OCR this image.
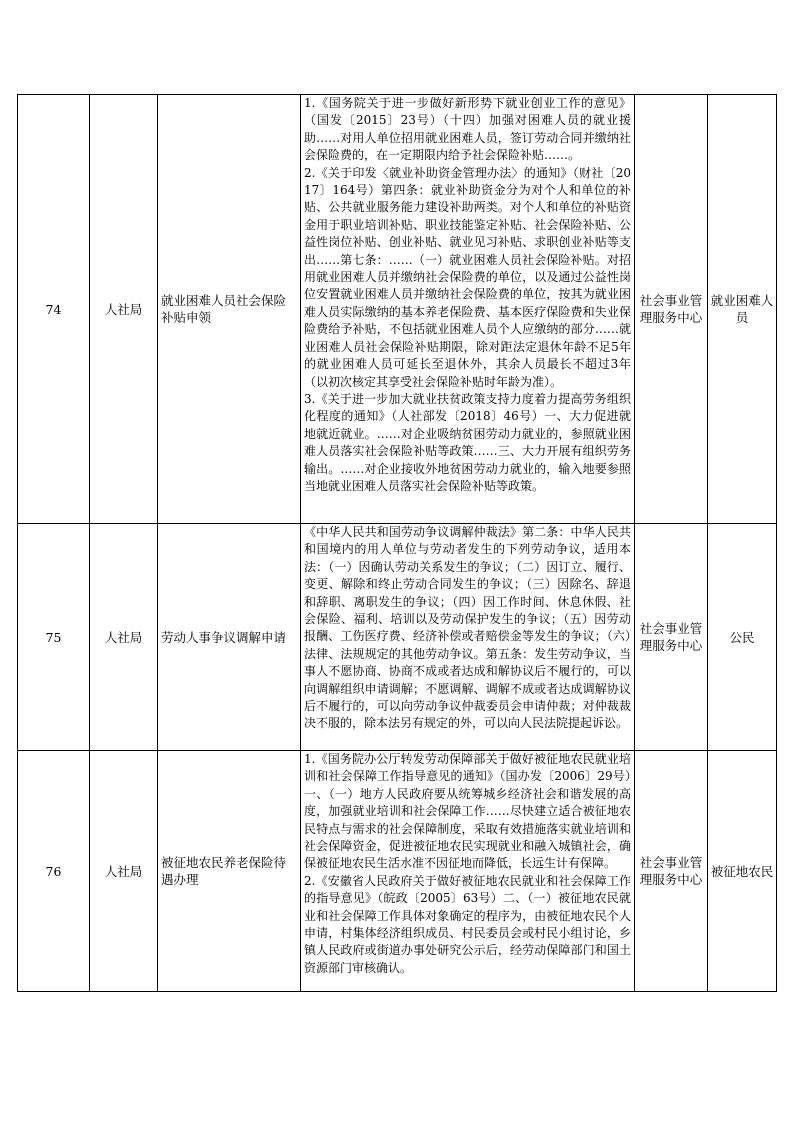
74	人社局	就业困难人员社会保险补贴申领	1.《国务院关于进一步做好新形势下就业创业工作的意见》（国发〔2015〕23号）（十四）加强对困难人员的就业援助……对用人单位招用就业困难人员，签订劳动合同并缴纳社会保险费的，在一定期限内给予社会保险补贴……。

2.《关于印发〈就业补助资金管理办法〉的通知》（财社〔2017〕164号）第四条：就业补助资金分为对个人和单位的补贴、公共就业服务能力建设补助两类。对个人和单位的补贴资金用于职业培训补贴、职业技能鉴定补贴、社会保险补贴、公益性岗位补贴、创业补贴、就业见习补贴、求职创业补贴等支出……第七条：……（一）就业困难人员社会保险补贴。对招用就业困难人员并缴纳社会保险费的单位，以及通过公益性岗位安置就业困难人员并缴纳社会保险费的单位，按其为就业困难人员实际缴纳的基本养老保险费、基本医疗保险费和失业保险费给予补贴，不包括就业困难人员个人应缴纳的部分……就业困难人员社会保险补贴期限，除对距法定退休年龄不足5年的就业困难人员可延长至退休外，其余人员最长不超过3年（以初次核定其享受社会保险补贴时年龄为准）。

3.《关于进一步加大就业扶贫政策支持力度着力提高劳务组织化程度的通知》（人社部发〔2018〕46号）一、大力促进就地就近就业。……对企业吸纳贫困劳动力就业的，参照就业困难人员落实社会保险补贴等政策……三、大力开展有组织劳务输出。……对企业接收外地贫困劳动力就业的，输入地要参照当地就业困难人员落实社会保险补贴等政策。	社会事业管理服务中心	就业困难人员
75	人社局	劳动人事争议调解申请	《中华人民共和国劳动争议调解仲裁法》第二条：中华人民共和国境内的用人单位与劳动者发生的下列劳动争议，适用本法：（一）因确认劳动关系发生的争议；（二）因订立、履行、变更、解除和终止劳动合同发生的争议；（三）因除名、辞退和辞职、离职发生的争议；（四）因工作时间、休息休假、社会保险、福利、培训以及劳动保护发生的争议；（五）因劳动报酬、工伤医疗费、经济补偿或者赔偿金等发生的争议；（六）法律、法规规定的其他劳动争议。第五条：发生劳动争议，当事人不愿协商、协商不成或者达成和解协议后不履行的，可以向调解组织申请调解；不愿调解、调解不成或者达成调解协议后不履行的，可以向劳动争议仲裁委员会申请仲裁；对仲裁裁决不服的，除本法另有规定的外，可以向人民法院提起诉讼。	社会事业管理服务中心	公民
76	人社局	被征地农民养老保险待遇办理	1.《国务院办公厅转发劳动保障部关于做好被征地农民就业培训和社会保障工作指导意见的通知》（国办发〔2006〕29号）一、（一）地方人民政府要从统筹城乡经济社会和谐发展的高度，加强就业培训和社会保障工作……尽快建立适合被征地农民特点与需求的社会保障制度，采取有效措施落实就业培训和社会保障资金，促进被征地农民实现就业和融入城镇社会，确保被征地农民生活水准不因征地而降低，长远生计有保障。

2.《安徽省人民政府关于做好被征地农民就业和社会保障工作的指导意见》（皖政〔2005〕63号）二、（一）被征地农民就业和社会保障工作具体对象确定的程序为，由被征地农民个人申请，村集体经济组织成员、村民委员会或村民小组讨论，乡镇人民政府或街道办事处研究公示后，经劳动保障部门和国土资源部门审核确认。	社会事业管理服务中心	被征地农民
